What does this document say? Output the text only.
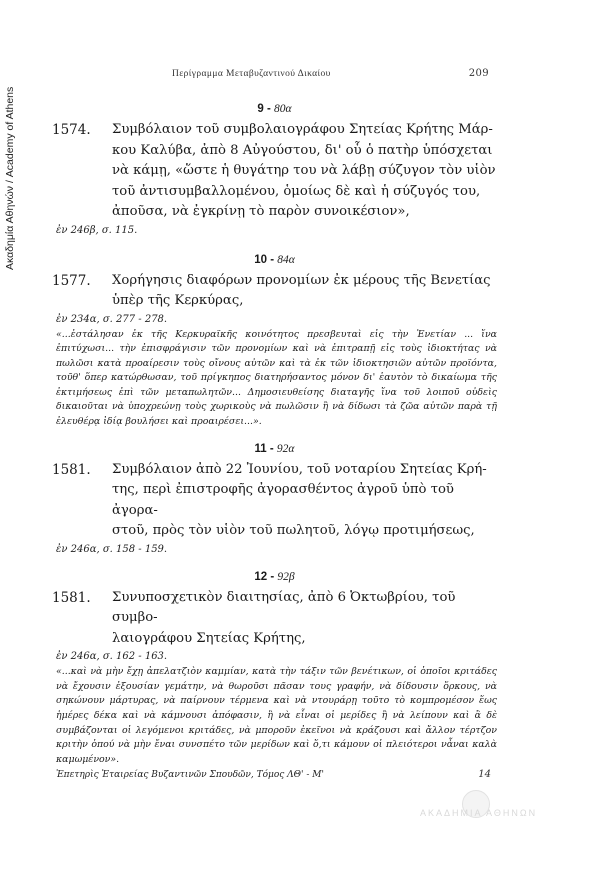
Ακαδημία Αθηνών / Academy of Athens
Περίγραμμα Μεταβυζαντινού Δικαίου	209
9 - 80α
1574. Συμβόλαιον τοῦ συμβολαιογράφου Σητείας Κρήτης Μάρ-
κου Καλύβα, ἀπὸ 8 Αὐγούστου, δι' οὗ ὁ πατὴρ ὑπόσχεται
νὰ κάμῃ, «ὥστε ἡ θυγάτηρ του νὰ λάβῃ σύζυγον τὸν υἱὸν
τοῦ ἀντισυμβαλλομένου, ὁμοίως δὲ καὶ ἡ σύζυγός του,
ἀποῦσα, νὰ ἐγκρίνῃ τὸ παρὸν συνοικέσιον»,
ἐν 246β, σ. 115.
10 - 84α
1577. Χορήγησις διαφόρων προνομίων ἐκ μέρους τῆς Βενετίας
ὑπὲρ τῆς Κερκύρας,
ἐν 234α, σ. 277 - 278.

«...ἐστάλησαν ἐκ τῆς Κερκυραϊκῆς κοινότητος πρεσβευταὶ εἰς τὴν Ἐνετίαν ... ἵνα ἐπιτύχωσι... τὴν ἐπισφράγισιν τῶν προνομίων καὶ νὰ ἐπιτραπῇ εἰς τοὺς ἰδιοκτήτας νὰ πωλῶσι κατὰ προαίρεσιν τοὺς οἴνους αὐτῶν καὶ τὰ ἐκ τῶν ἰδιοκτησιῶν αὐτῶν προϊόντα, τοῦθ' ὅπερ κατώρθωσαν, τοῦ πρίγκηπος διατηρήσαντος μόνον δι' ἑαυτὸν τὸ δικαίωμα τῆς ἐκτιμήσεως ἐπὶ τῶν μεταπωλητῶν... Δημοσιευθείσης διαταγῆς ἵνα τοῦ λοιποῦ οὐδεὶς δικαιοῦται νὰ ὑποχρεώνῃ τοὺς χωρικοὺς νὰ πωλῶσιν ἢ νὰ δίδωσι τὰ ζῶα αὐτῶν παρὰ τῇ ἐλευθέρᾳ ἰδίᾳ βουλήσει καὶ προαιρέσει...».

11 - 92α
1581. Συμβόλαιον ἀπὸ 22 Ἰουνίου, τοῦ νοταρίου Σητείας Κρή-
της, περὶ ἐπιστροφῆς ἀγορασθέντος ἀγροῦ ὑπὸ τοῦ ἀγορα-
στοῦ, πρὸς τὸν υἱὸν τοῦ πωλητοῦ, λόγῳ προτιμήσεως,
ἐν 246α, σ. 158 - 159.
12 - 92β
1581. Συνυποσχετικὸν διαιτησίας, ἀπὸ 6 Ὀκτωβρίου, τοῦ συμβο-
λαιογράφου Σητείας Κρήτης,
ἐν 246α, σ. 162 - 163.

«...καὶ νὰ μὴν ἔχῃ ἀπελατζιὸν καμμίαν, κατὰ τὴν τάξιν τῶν βενέτικων, οἱ ὁποῖοι κριτάδες νὰ ἔχουσιν ἐξουσίαν γεμάτην, νὰ θωροῦσι πᾶσαν τους γραφήν, νὰ δίδουσιν ὅρκους, νὰ σηκώνουν μάρτυρας, νὰ παίρνουν τέρμενα καὶ νὰ ντουράρῃ τοῦτο τὸ κομπρομέσον ἕως ἡμέρες δέκα καὶ νὰ κάμνουσι ἀπόφασιν, ἢ νὰ εἶναι οἱ μερίδες ἢ νὰ λείπουν καὶ ἂ δὲ συμβάζονται οἱ λεγόμενοι κριτάδες, νὰ μποροῦν ἐκεῖνοι νὰ κράζουσι καὶ ἄλλον τέρτζον κριτὴν ὁπού νὰ μὴν ἔναι συνσπέτο τῶν μερίδων καὶ ὅ,τι κάμουν οἱ πλειότεροι νἆναι καλὰ καμωμένον».

Ἐπετηρὶς Ἑταιρείας Βυζαντινῶν Σπουδῶν, Τόμος ΛΘ' - Μ'	14
ΑΚΑΔΗΜΙΑ ΑΘΗΝΩΝ
